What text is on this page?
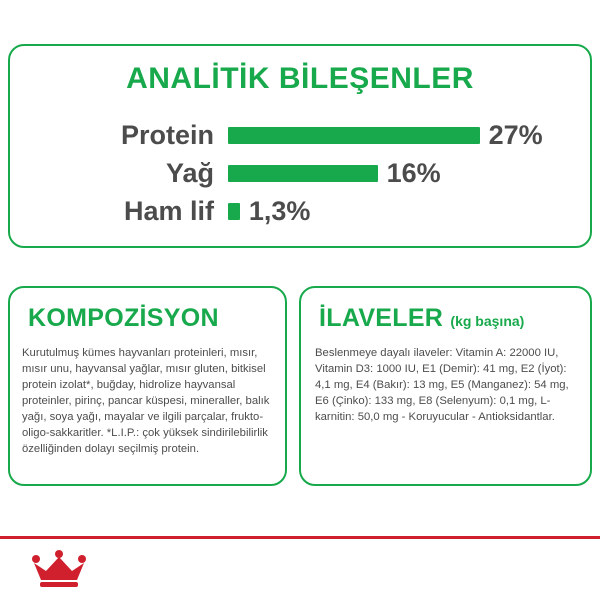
ANALİTİK BİLEŞENLER
Protein	27%
Yağ	16%
Ham lif	1,3%
KOMPOZİSYON
Kurutulmuş kümes hayvanları proteinleri, mısır, mısır unu, hayvansal yağlar, mısır gluten, bitkisel protein izolat*, buğday, hidrolize hayvansal proteinler, pirinç, pancar küspesi, mineraller, balık yağı, soya yağı, mayalar ve ilgili parçalar, frukto-oligo-sakkaritler. *L.I.P.: çok yüksek sindirilebilirlik özelliğinden dolayı seçilmiş protein.
İLAVELER (kg başına)
Beslenmeye dayalı ilaveler: Vitamin A: 22000 IU, Vitamin D3: 1000 IU, E1 (Demir): 41 mg, E2 (İyot): 4,1 mg, E4 (Bakır): 13 mg, E5 (Manganez): 54 mg, E6 (Çinko): 133 mg, E8 (Selenyum): 0,1 mg, L-karnitin: 50,0 mg - Koruyucular - Antioksidantlar.
